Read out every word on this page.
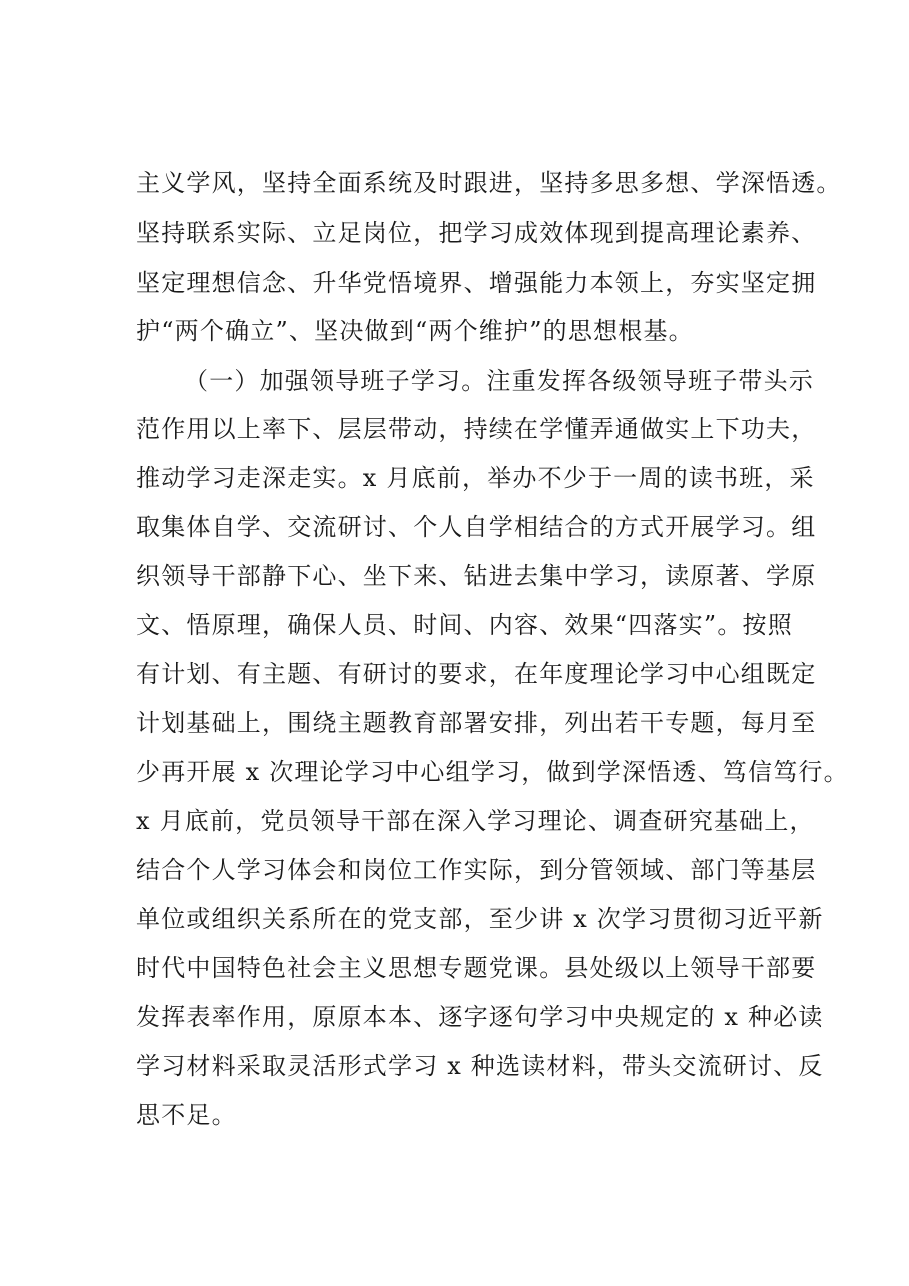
主义学风，坚持全面系统及时跟进，坚持多思多想、学深悟透。
坚持联系实际、立足岗位，把学习成效体现到提高理论素养、
坚定理想信念、升华党悟境界、增强能力本领上，夯实坚定拥
护“两个确立”、坚决做到“两个维护”的思想根基。
（一）加强领导班子学习。注重发挥各级领导班子带头示
范作用以上率下、层层带动，持续在学懂弄通做实上下功夫，
推动学习走深走实。x 月底前，举办不少于一周的读书班，采
取集体自学、交流研讨、个人自学相结合的方式开展学习。组
织领导干部静下心、坐下来、钻进去集中学习，读原著、学原
文、悟原理，确保人员、时间、内容、效果“四落实”。按照
有计划、有主题、有研讨的要求，在年度理论学习中心组既定
计划基础上，围绕主题教育部署安排，列出若干专题，每月至
少再开展 x 次理论学习中心组学习，做到学深悟透、笃信笃行。
x 月底前，党员领导干部在深入学习理论、调查研究基础上，
结合个人学习体会和岗位工作实际，到分管领域、部门等基层
单位或组织关系所在的党支部，至少讲 x 次学习贯彻习近平新
时代中国特色社会主义思想专题党课。县处级以上领导干部要
发挥表率作用，原原本本、逐字逐句学习中央规定的 x 种必读
学习材料采取灵活形式学习 x 种选读材料，带头交流研讨、反
思不足。
